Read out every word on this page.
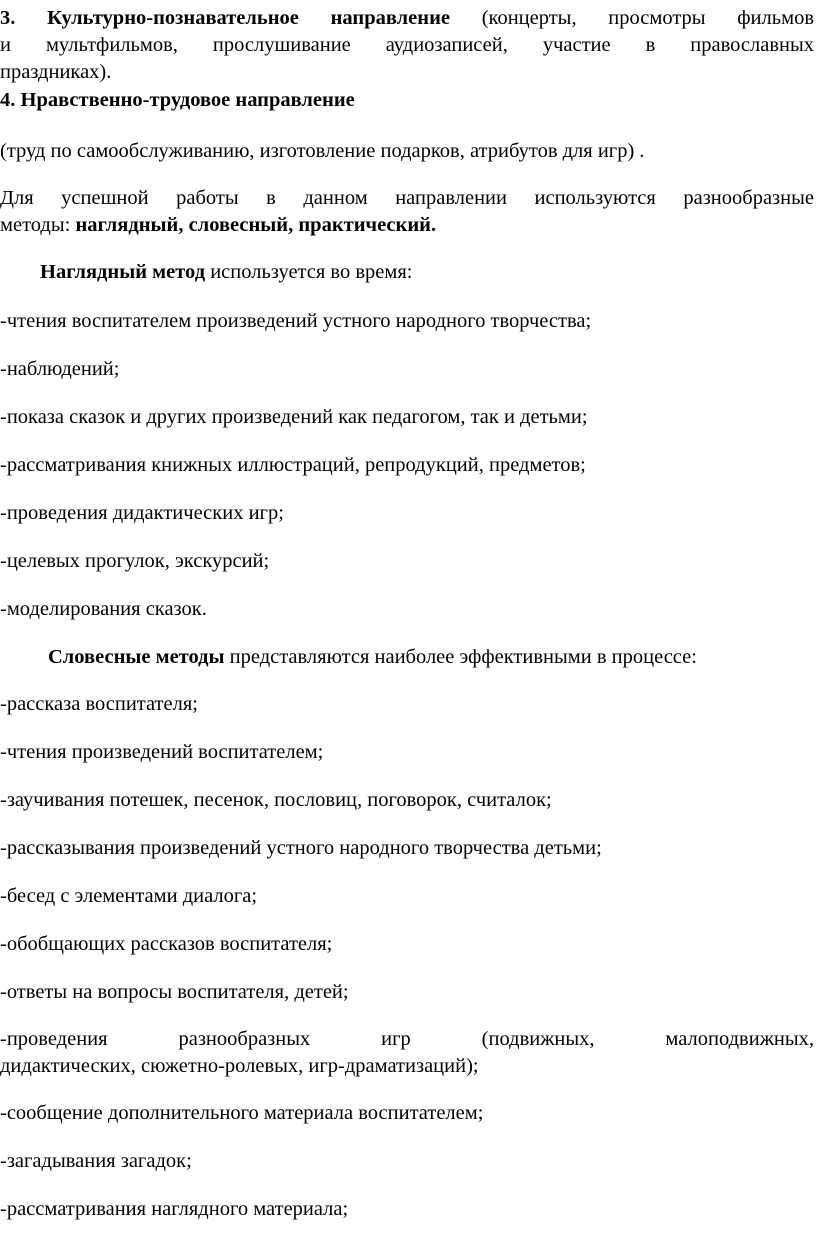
3. Культурно-познавательное направление (концерты, просмотры фильмов
и мультфильмов, прослушивание аудиозаписей, участие в православных
праздниках).
4. Нравственно-трудовое направление
(труд по самообслуживанию, изготовление подарков, атрибутов для игр) .
Для успешной работы в данном направлении используются разнообразные
методы: наглядный, словесный, практический.
Наглядный метод используется во время:
-чтения воспитателем произведений устного народного творчества;
-наблюдений;
-показа сказок и других произведений как педагогом, так и детьми;
-рассматривания книжных иллюстраций, репродукций, предметов;
-проведения дидактических игр;
-целевых прогулок, экскурсий;
-моделирования сказок.
Словесные методы представляются наиболее эффективными в процессе:
-рассказа воспитателя;
-чтения произведений воспитателем;
-заучивания потешек, песенок, пословиц, поговорок, считалок;
-рассказывания произведений устного народного творчества детьми;
-бесед с элементами диалога;
-обобщающих рассказов воспитателя;
-ответы на вопросы воспитателя, детей;
-проведения разнообразных игр (подвижных, малоподвижных,
дидактических, сюжетно-ролевых, игр-драматизаций);
-сообщение дополнительного материала воспитателем;
-загадывания загадок;
-рассматривания наглядного материала;
